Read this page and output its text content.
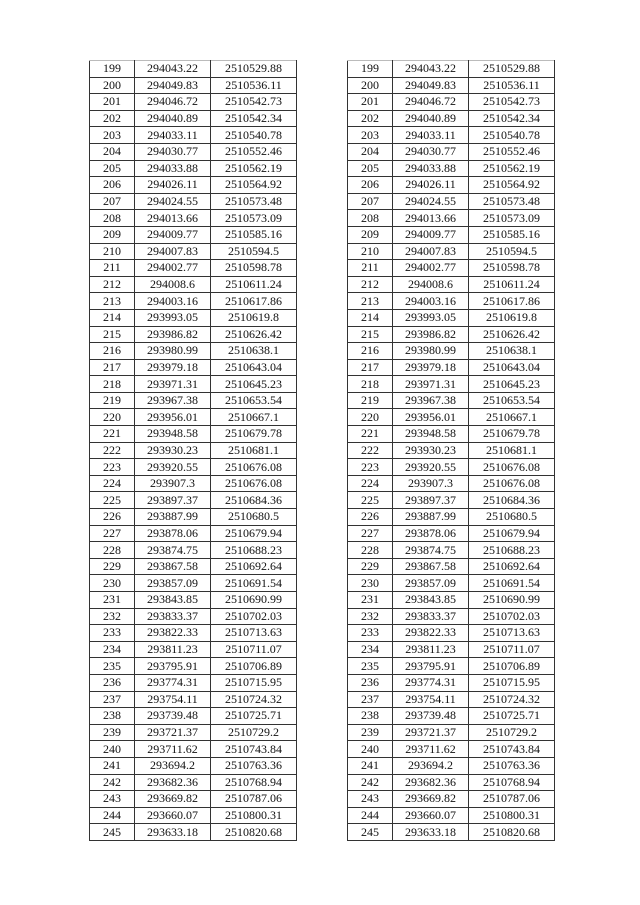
199	294043.22	2510529.88
200	294049.83	2510536.11
201	294046.72	2510542.73
202	294040.89	2510542.34
203	294033.11	2510540.78
204	294030.77	2510552.46
205	294033.88	2510562.19
206	294026.11	2510564.92
207	294024.55	2510573.48
208	294013.66	2510573.09
209	294009.77	2510585.16
210	294007.83	2510594.5
211	294002.77	2510598.78
212	294008.6	2510611.24
213	294003.16	2510617.86
214	293993.05	2510619.8
215	293986.82	2510626.42
216	293980.99	2510638.1
217	293979.18	2510643.04
218	293971.31	2510645.23
219	293967.38	2510653.54
220	293956.01	2510667.1
221	293948.58	2510679.78
222	293930.23	2510681.1
223	293920.55	2510676.08
224	293907.3	2510676.08
225	293897.37	2510684.36
226	293887.99	2510680.5
227	293878.06	2510679.94
228	293874.75	2510688.23
229	293867.58	2510692.64
230	293857.09	2510691.54
231	293843.85	2510690.99
232	293833.37	2510702.03
233	293822.33	2510713.63
234	293811.23	2510711.07
235	293795.91	2510706.89
236	293774.31	2510715.95
237	293754.11	2510724.32
238	293739.48	2510725.71
239	293721.37	2510729.2
240	293711.62	2510743.84
241	293694.2	2510763.36
242	293682.36	2510768.94
243	293669.82	2510787.06
244	293660.07	2510800.31
245	293633.18	2510820.68
199	294043.22	2510529.88
200	294049.83	2510536.11
201	294046.72	2510542.73
202	294040.89	2510542.34
203	294033.11	2510540.78
204	294030.77	2510552.46
205	294033.88	2510562.19
206	294026.11	2510564.92
207	294024.55	2510573.48
208	294013.66	2510573.09
209	294009.77	2510585.16
210	294007.83	2510594.5
211	294002.77	2510598.78
212	294008.6	2510611.24
213	294003.16	2510617.86
214	293993.05	2510619.8
215	293986.82	2510626.42
216	293980.99	2510638.1
217	293979.18	2510643.04
218	293971.31	2510645.23
219	293967.38	2510653.54
220	293956.01	2510667.1
221	293948.58	2510679.78
222	293930.23	2510681.1
223	293920.55	2510676.08
224	293907.3	2510676.08
225	293897.37	2510684.36
226	293887.99	2510680.5
227	293878.06	2510679.94
228	293874.75	2510688.23
229	293867.58	2510692.64
230	293857.09	2510691.54
231	293843.85	2510690.99
232	293833.37	2510702.03
233	293822.33	2510713.63
234	293811.23	2510711.07
235	293795.91	2510706.89
236	293774.31	2510715.95
237	293754.11	2510724.32
238	293739.48	2510725.71
239	293721.37	2510729.2
240	293711.62	2510743.84
241	293694.2	2510763.36
242	293682.36	2510768.94
243	293669.82	2510787.06
244	293660.07	2510800.31
245	293633.18	2510820.68
